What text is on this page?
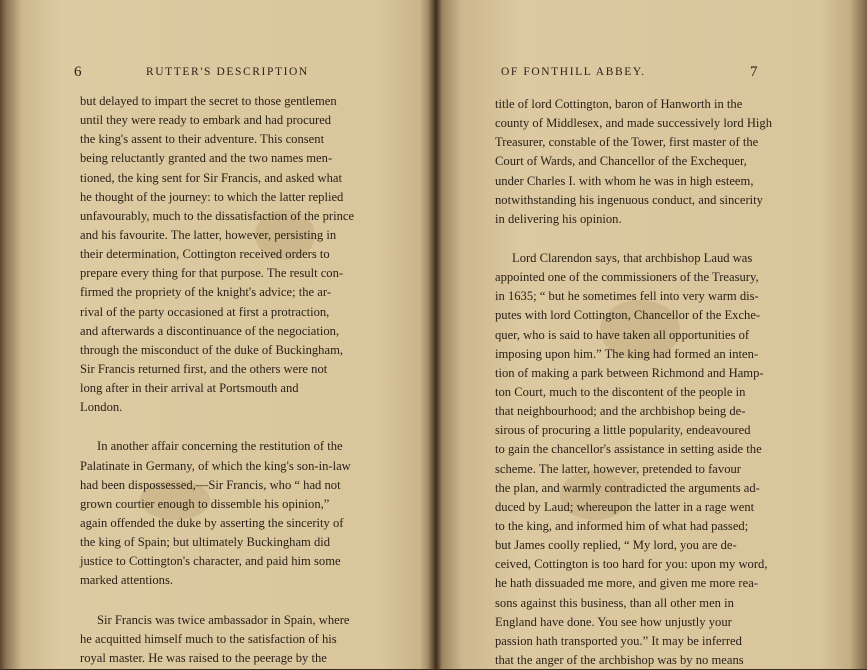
6	RUTTER'S DESCRIPTION
but delayed to impart the secret to those gentlemen
until they were ready to embark and had procured
the king's assent to their adventure. This consent
being reluctantly granted and the two names men-
tioned, the king sent for Sir Francis, and asked what
he thought of the journey: to which the latter replied
unfavourably, much to the dissatisfaction of the prince
and his favourite. The latter, however, persisting in
their determination, Cottington received orders to
prepare every thing for that purpose. The result con-
firmed the propriety of the knight's advice; the ar-
rival of the party occasioned at first a protraction,
and afterwards a discontinuance of the negociation,
through the misconduct of the duke of Buckingham,
Sir Francis returned first, and the others were not
long after in their arrival at Portsmouth and
London.
In another affair concerning the restitution of the
Palatinate in Germany, of which the king's son-in-law
had been dispossessed,—Sir Francis, who “ had not
grown courtier enough to dissemble his opinion,”
again offended the duke by asserting the sincerity of
the king of Spain; but ultimately Buckingham did
justice to Cottington's character, and paid him some
marked attentions.
Sir Francis was twice ambassador in Spain, where
he acquitted himself much to the satisfaction of his
royal master. He was raised to the peerage by the
OF FONTHILL ABBEY.	7
title of lord Cottington, baron of Hanworth in the
county of Middlesex, and made successively lord High
Treasurer, constable of the Tower, first master of the
Court of Wards, and Chancellor of the Exchequer,
under Charles I. with whom he was in high esteem,
notwithstanding his ingenuous conduct, and sincerity
in delivering his opinion.
Lord Clarendon says, that archbishop Laud was
appointed one of the commissioners of the Treasury,
in 1635; “ but he sometimes fell into very warm dis-
putes with lord Cottington, Chancellor of the Exche-
quer, who is said to have taken all opportunities of
imposing upon him.” The king had formed an inten-
tion of making a park between Richmond and Hamp-
ton Court, much to the discontent of the people in
that neighbourhood; and the archbishop being de-
sirous of procuring a little popularity, endeavoured
to gain the chancellor's assistance in setting aside the
scheme. The latter, however, pretended to favour
the plan, and warmly contradicted the arguments ad-
duced by Laud; whereupon the latter in a rage went
to the king, and informed him of what had passed;
but James coolly replied, “ My lord, you are de-
ceived, Cottington is too hard for you: upon my word,
he hath dissuaded me more, and given me more rea-
sons against this business, than all other men in
England have done. You see how unjustly your
passion hath transported you.” It may be inferred
that the anger of the archbishop was by no means
